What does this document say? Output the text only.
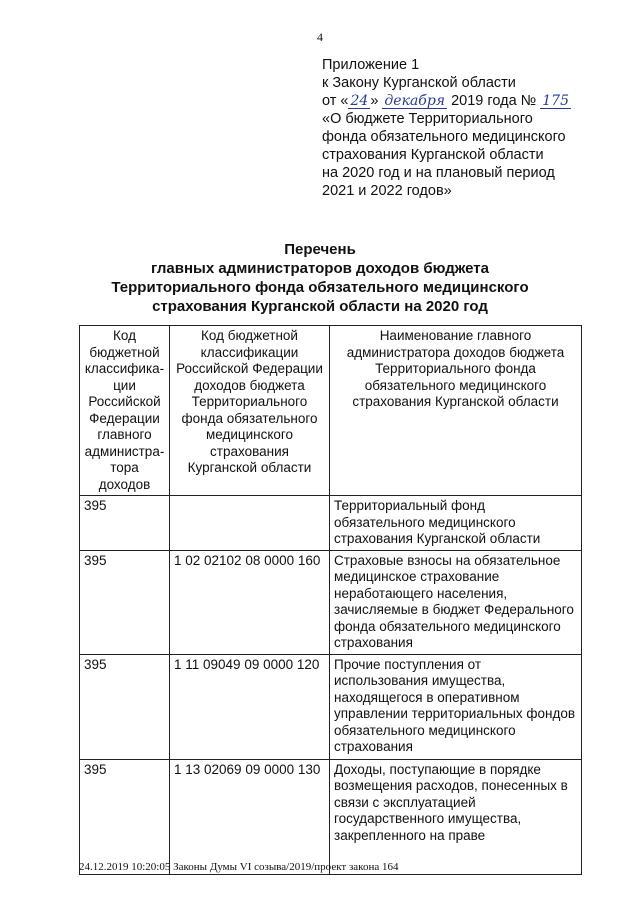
4
Приложение 1
к Закону Курганской области
от « 24 » декабря 2019 года № 175
«О бюджете Территориального
фонда обязательного медицинского
страхования Курганской области
на 2020 год и на плановый период
2021 и 2022 годов»
Перечень
главных администраторов доходов бюджета
Территориального фонда обязательного медицинского
страхования Курганской области на 2020 год
Код бюджетной классифика-ции Российской Федерации главного администра-тора доходов	Код бюджетной классификации Российской Федерации доходов бюджета Территориального фонда обязательного медицинского страхования Курганской области	Наименование главного администратора доходов бюджета Территориального фонда обязательного медицинского страхования Курганской области
395		Территориальный фонд обязательного медицинского страхования Курганской области
395	1 02 02102 08 0000 160	Страховые взносы на обязательное медицинское страхование неработающего населения, зачисляемые в бюджет Федерального фонда обязательного медицинского страхования
395	1 11 09049 09 0000 120	Прочие поступления от использования имущества, находящегося в оперативном управлении территориальных фондов обязательного медицинского страхования
395	1 13 02069 09 0000 130	Доходы, поступающие в порядке возмещения расходов, понесенных в связи с эксплуатацией государственного имущества, закрепленного на праве
24.12.2019 10:20:05 Законы Думы VI созыва/2019/проект закона 164
